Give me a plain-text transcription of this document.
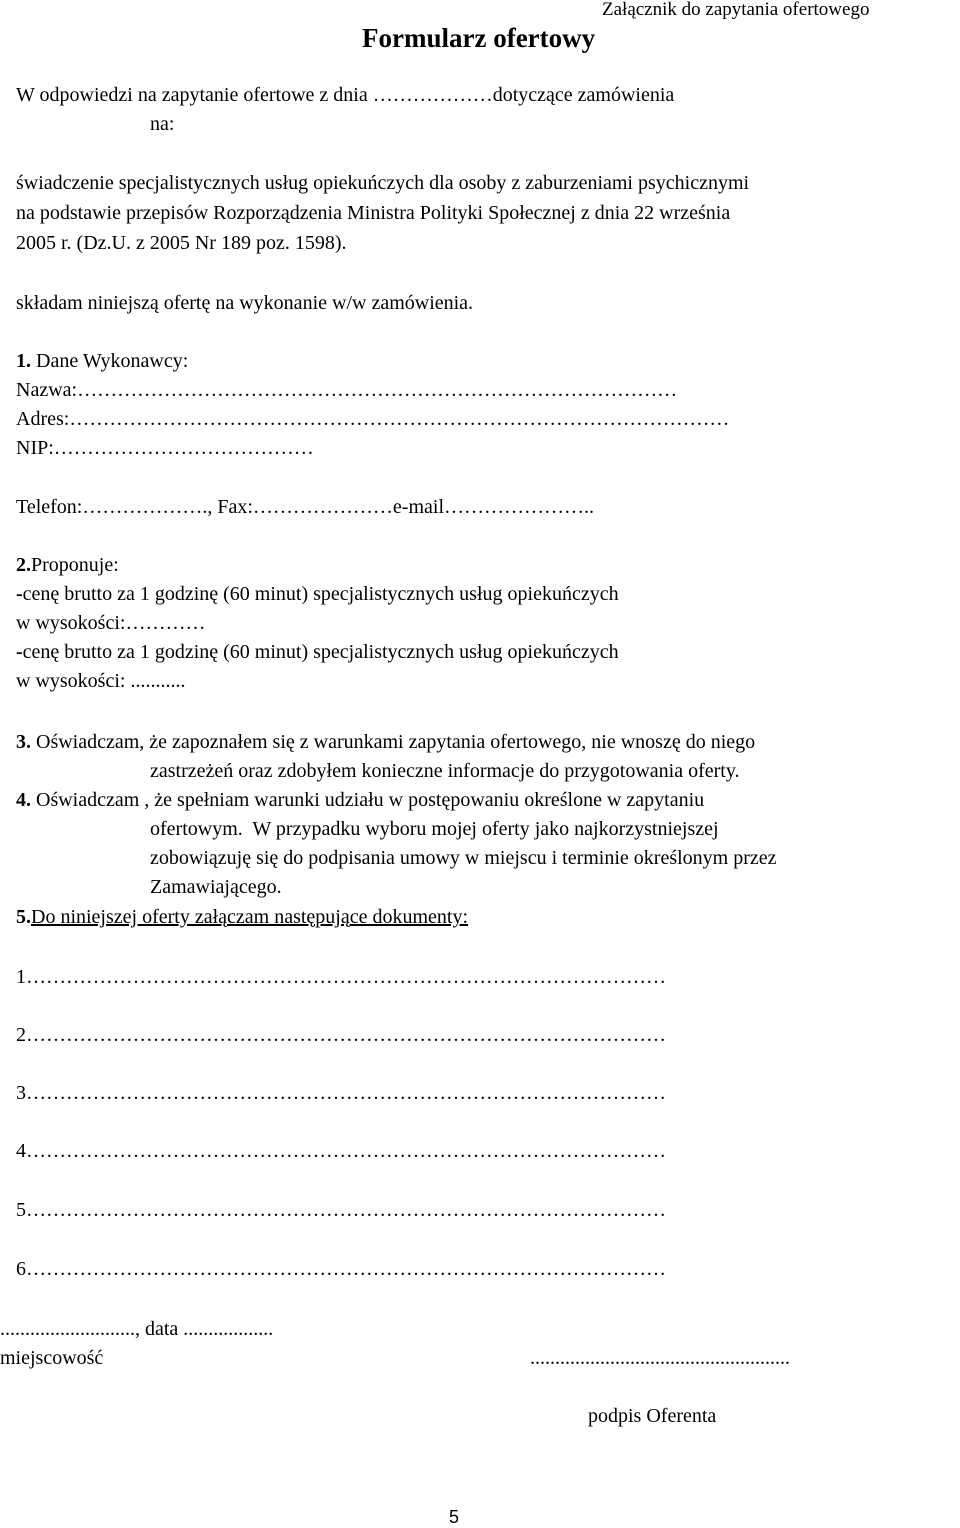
Załącznik do zapytania ofertowego
Formularz ofertowy
W odpowiedzi na zapytanie ofertowe z dnia ………………dotyczące zamówienia
na:
świadczenie specjalistycznych usług opiekuńczych dla osoby z zaburzeniami psychicznymi
na podstawie przepisów Rozporządzenia Ministra Polityki Społecznej z dnia 22 września
2005 r. (Dz.U. z 2005 Nr 189 poz. 1598).
składam niniejszą ofertę na wykonanie w/w zamówienia.
1. Dane Wykonawcy:
Nazwa:………………………………………………………………………………
Adres:………………………………………………………………………………………
NIP:…………………………………
Telefon:………………., Fax:…………………e-mail…………………..
2.Proponuje:
-cenę brutto za 1 godzinę (60 minut) specjalistycznych usług opiekuńczych
w wysokości:…………
-cenę brutto za 1 godzinę (60 minut) specjalistycznych usług opiekuńczych
w wysokości: ...........
3. Oświadczam, że zapoznałem się z warunkami zapytania ofertowego, nie wnoszę do niego
zastrzeżeń oraz zdobyłem konieczne informacje do przygotowania oferty.
4. Oświadczam , że spełniam warunki udziału w postępowaniu określone w zapytaniu
ofertowym.  W przypadku wyboru mojej oferty jako najkorzystniejszej
zobowiązuję się do podpisania umowy w miejscu i terminie określonym przez
Zamawiającego.
5.Do niniejszej oferty załączam następujące dokumenty:
1……………………………………………………………………………………
2……………………………………………………………………………………
3……………………………………………………………………………………
4……………………………………………………………………………………
5……………………………………………………………………………………
6……………………………………………………………………………………
..........................., data ..................
miejscowość	....................................................
podpis Oferenta
5
